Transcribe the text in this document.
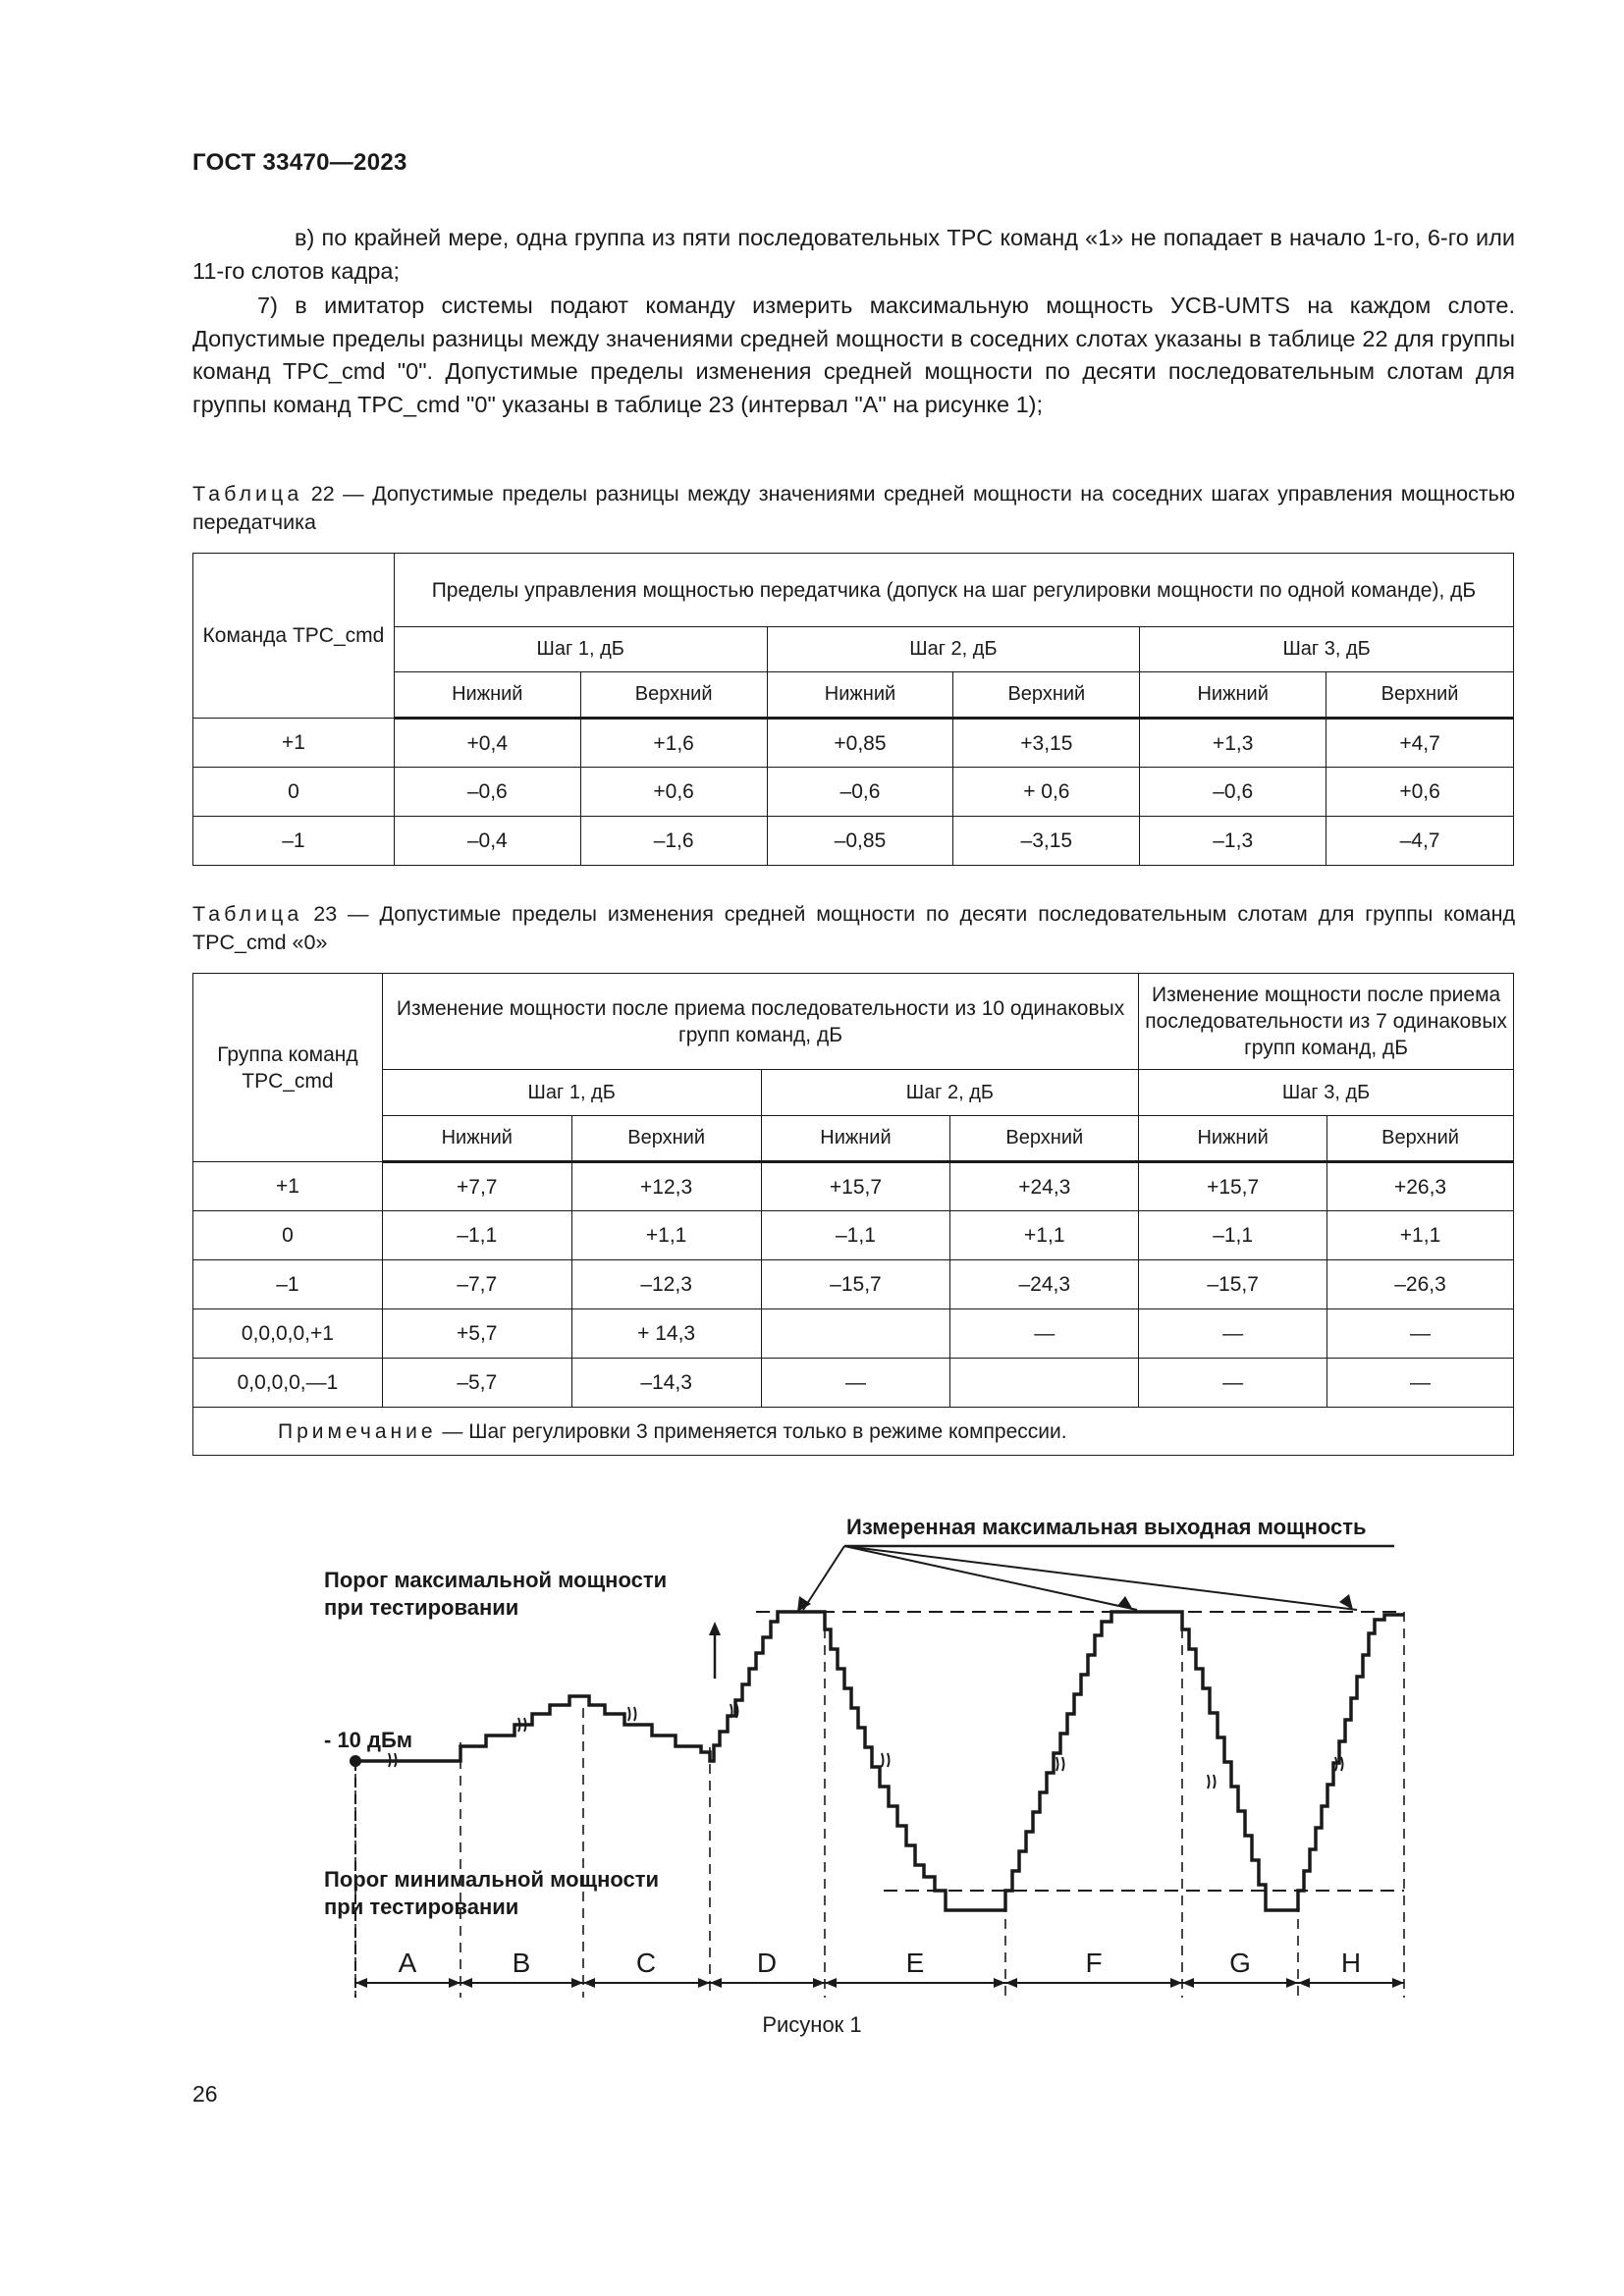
ГОСТ 33470—2023
в) по крайней мере, одна группа из пяти последовательных TPC команд «1» не попадает в начало 1-го, 6-го или 11-го слотов кадра;
7) в имитатор системы подают команду измерить максимальную мощность УСВ-UMTS на каждом слоте. Допустимые пределы разницы между значениями средней мощности в соседних слотах указаны в таблице 22 для группы команд TPC_cmd "0". Допустимые пределы изменения средней мощности по десяти последовательным слотам для группы команд TPC_cmd "0" указаны в таблице 23 (интервал "А" на рисунке 1);
Таблица 22 — Допустимые пределы разницы между значениями средней мощности на соседних шагах управления мощностью передатчика
Команда TPC_cmd	Пределы управления мощностью передатчика (допуск на шаг регулировки мощности по одной команде), дБ					
	Шаг 1, дБ		Шаг 2, дБ		Шаг 3, дБ	
	Нижний	Верхний	Нижний	Верхний	Нижний	Верхний
+1	+0,4	+1,6	+0,85	+3,15	+1,3	+4,7
0	–0,6	+0,6	–0,6	+ 0,6	–0,6	+0,6
–1	–0,4	–1,6	–0,85	–3,15	–1,3	–4,7
Таблица 23 — Допустимые пределы изменения средней мощности по десяти последовательным слотам для группы команд TPC_cmd «0»
Группа команд TPC_cmd	Изменение мощности после приема последовательности из 10 одинаковых групп команд, дБ				Изменение мощности после приема последовательности из 7 одинаковых групп команд, дБ	
	Шаг 1, дБ		Шаг 2, дБ		Шаг 3, дБ	
	Нижний	Верхний	Нижний	Верхний	Нижний	Верхний
+1	+7,7	+12,3	+15,7	+24,3	+15,7	+26,3
0	–1,1	+1,1	–1,1	+1,1	–1,1	+1,1
–1	–7,7	–12,3	–15,7	–24,3	–15,7	–26,3
0,0,0,0,+1	+5,7	+ 14,3		—	—	—
0,0,0,0,—1	–5,7	–14,3	—		—	—
Примечание — Шаг регулировки 3 применяется только в режиме компрессии.						
Измеренная максимальная выходная мощность
Порог максимальной мощности
при тестировании
- 10 дБм
Порог минимальной мощности
при тестировании
A	B	C	D	E	F	G	H
Рисунок 1
26
